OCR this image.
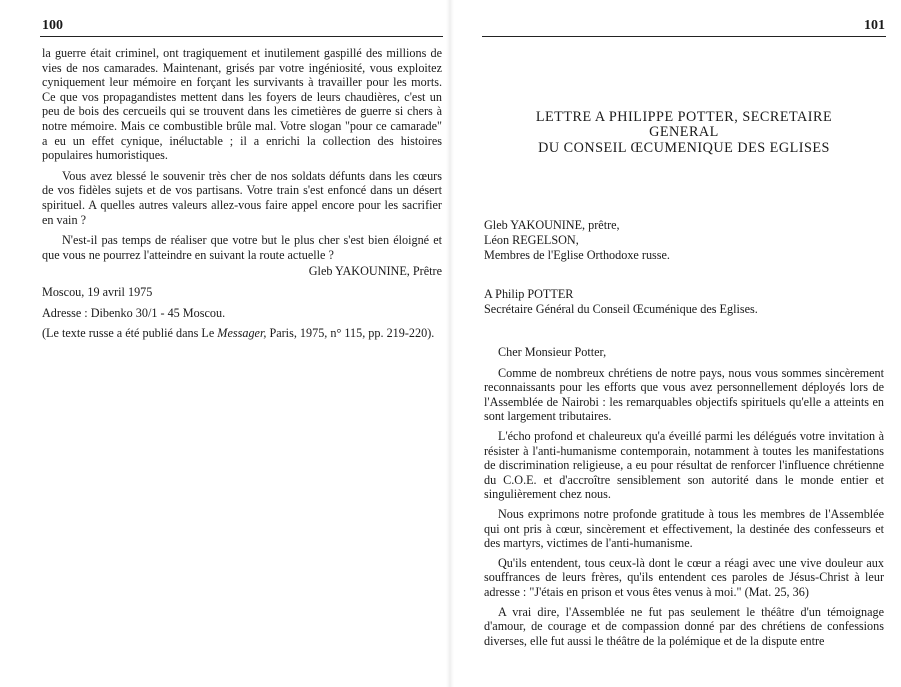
100

la guerre était criminel, ont tragiquement et inutilement gaspillé des millions de vies de nos camarades. Maintenant, grisés par votre ingéniosité, vous exploitez cyniquement leur mémoire en forçant les survivants à travailler pour les morts. Ce que vos propagandistes mettent dans les foyers de leurs chaudières, c'est un peu de bois des cercueils qui se trouvent dans les cimetières de guerre si chers à notre mémoire. Mais ce combustible brûle mal. Votre slogan "pour ce camarade" a eu un effet cynique, inéluctable ; il a enrichi la collection des histoires populaires humoristiques.

Vous avez blessé le souvenir très cher de nos soldats défunts dans les cœurs de vos fidèles sujets et de vos partisans. Votre train s'est enfoncé dans un désert spirituel. A quelles autres valeurs allez-vous faire appel encore pour les sacrifier en vain ?

N'est-il pas temps de réaliser que votre but le plus cher s'est bien éloigné et que vous ne pourrez l'atteindre en suivant la route actuelle ?

Gleb YAKOUNINE, Prêtre

Moscou, 19 avril 1975

Adresse : Dibenko 30/1 - 45 Moscou.

(Le texte russe a été publié dans Le Messager, Paris, 1975, n° 115, pp. 219-220).

101
LETTRE A PHILIPPE POTTER, SECRETAIRE
GENERAL
DU CONSEIL ŒCUMENIQUE DES EGLISES
Gleb YAKOUNINE, prêtre,
Léon REGELSON,
Membres de l'Eglise Orthodoxe russe.
A Philip POTTER
Secrétaire Général du Conseil Œcuménique des Eglises.

Cher Monsieur Potter,

Comme de nombreux chrétiens de notre pays, nous vous sommes sincèrement reconnaissants pour les efforts que vous avez personnellement déployés lors de l'Assemblée de Nairobi : les remarquables objectifs spirituels qu'elle a atteints en sont largement tributaires.

L'écho profond et chaleureux qu'a éveillé parmi les délégués votre invitation à résister à l'anti-humanisme contemporain, notamment à toutes les manifestations de discrimination religieuse, a eu pour résultat de renforcer l'influence chrétienne du C.O.E. et d'accroître sensiblement son autorité dans le monde entier et singulièrement chez nous.

Nous exprimons notre profonde gratitude à tous les membres de l'Assemblée qui ont pris à cœur, sincèrement et effectivement, la destinée des confesseurs et des martyrs, victimes de l'anti-humanisme.

Qu'ils entendent, tous ceux-là dont le cœur a réagi avec une vive douleur aux souffrances de leurs frères, qu'ils entendent ces paroles de Jésus-Christ à leur adresse : "J'étais en prison et vous êtes venus à moi." (Mat. 25, 36)

A vrai dire, l'Assemblée ne fut pas seulement le théâtre d'un témoignage d'amour, de courage et de compassion donné par des chrétiens de confessions diverses, elle fut aussi le théâtre de la polémique et de la dispute entre
